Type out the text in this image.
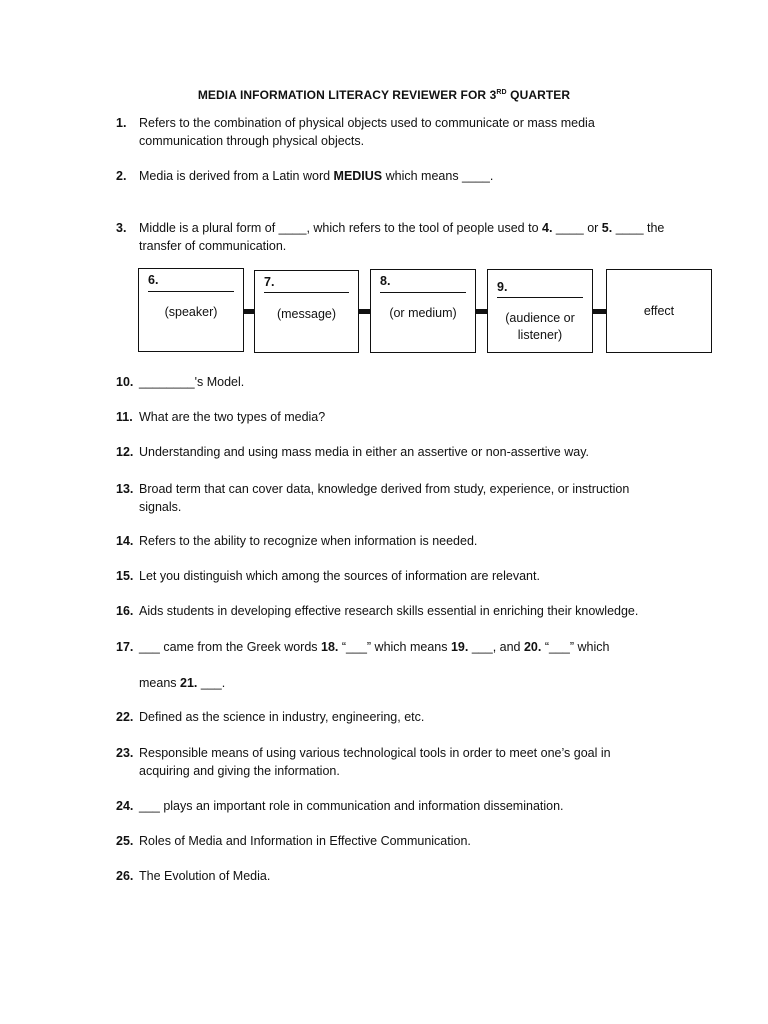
MEDIA INFORMATION LITERACY REVIEWER FOR 3RD QUARTER
1. Refers to the combination of physical objects used to communicate or mass media communication through physical objects.
2. Media is derived from a Latin word MEDIUS which means ____.
3. Middle is a plural form of ____, which refers to the tool of people used to 4. ____ or 5. ____ the transfer of communication.
6.
(speaker)
7.
(message)
8.
(or medium)
9.
(audience or
listener)
effect
10. ________'s Model.
11. What are the two types of media?
12. Understanding and using mass media in either an assertive or non-assertive way.
13. Broad term that can cover data, knowledge derived from study, experience, or instruction signals.
14. Refers to the ability to recognize when information is needed.
15. Let you distinguish which among the sources of information are relevant.
16. Aids students in developing effective research skills essential in enriching their knowledge.
17. ___ came from the Greek words 18. “___” which means 19. ___, and 20. “___” which
means 21. ___.
22. Defined as the science in industry, engineering, etc.
23. Responsible means of using various technological tools in order to meet one’s goal in acquiring and giving the information.
24. ___ plays an important role in communication and information dissemination.
25. Roles of Media and Information in Effective Communication.
26. The Evolution of Media.
